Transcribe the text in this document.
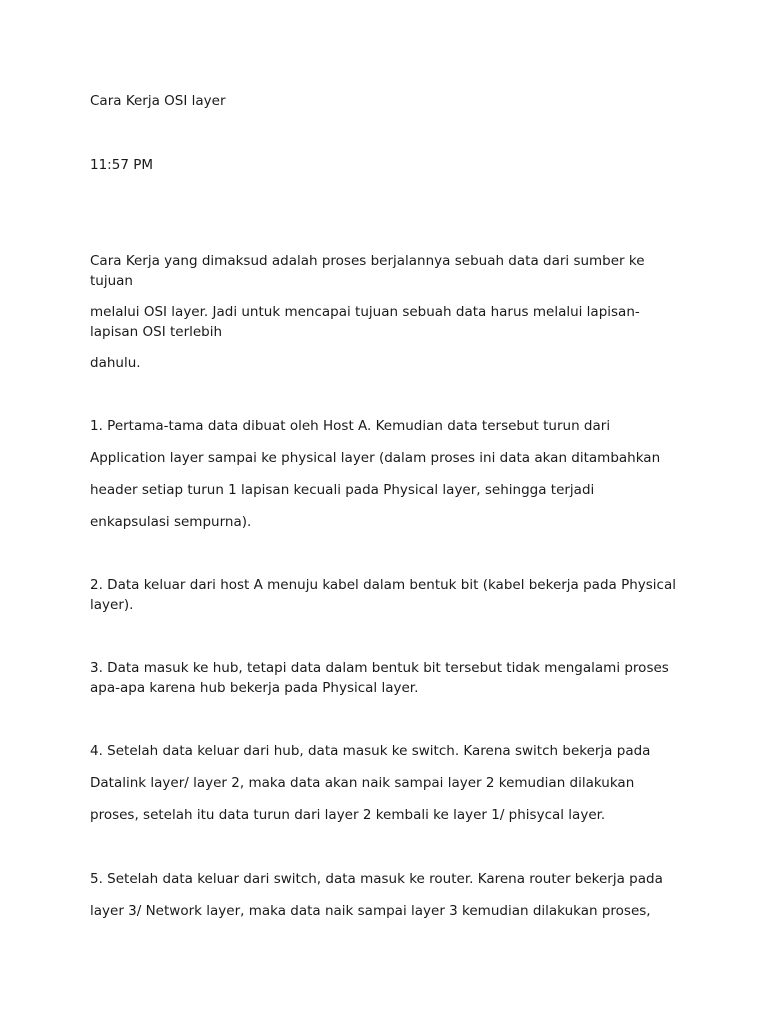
Cara Kerja OSI layer

11:57 PM

Cara Kerja yang dimaksud adalah proses berjalannya sebuah data dari sumber ke tujuan

melalui OSI layer. Jadi untuk mencapai tujuan sebuah data harus melalui lapisan-lapisan OSI terlebih

dahulu.

1. Pertama-tama data dibuat oleh Host A. Kemudian data tersebut turun dari

Application layer sampai ke physical layer (dalam proses ini data akan ditambahkan

header setiap turun 1 lapisan kecuali pada Physical layer, sehingga terjadi

enkapsulasi sempurna).

2. Data keluar dari host A menuju kabel dalam bentuk bit (kabel bekerja pada Physical layer).

3. Data masuk ke hub, tetapi data dalam bentuk bit tersebut tidak mengalami proses apa-apa karena hub bekerja pada Physical layer.

4. Setelah data keluar dari hub, data masuk ke switch. Karena switch bekerja pada

Datalink layer/ layer 2, maka data akan naik sampai layer 2 kemudian dilakukan

proses, setelah itu data turun dari layer 2 kembali ke layer 1/ phisycal layer.

5. Setelah data keluar dari switch, data masuk ke router. Karena router bekerja pada

layer 3/ Network layer, maka data naik sampai layer 3 kemudian dilakukan proses,
